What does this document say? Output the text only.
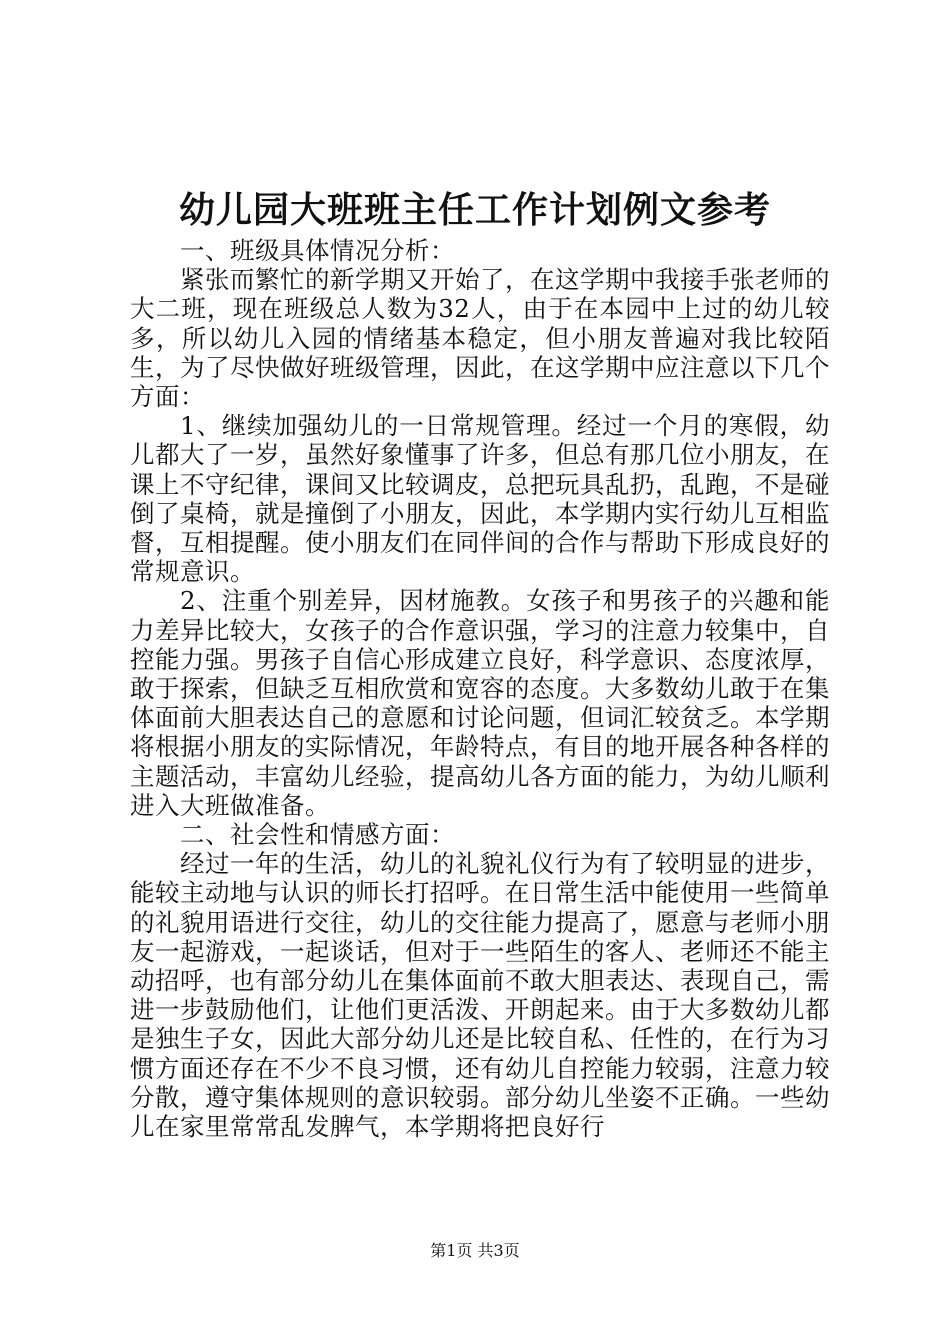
幼儿园大班班主任工作计划例文参考

一、班级具体情况分析：

紧张而繁忙的新学期又开始了，在这学期中我接手张老师的大二班，现在班级总人数为32人，由于在本园中上过的幼儿较多，所以幼儿入园的情绪基本稳定，但小朋友普遍对我比较陌生，为了尽快做好班级管理，因此，在这学期中应注意以下几个方面：

1、继续加强幼儿的一日常规管理。经过一个月的寒假，幼儿都大了一岁，虽然好象懂事了许多，但总有那几位小朋友，在课上不守纪律，课间又比较调皮，总把玩具乱扔，乱跑，不是碰倒了桌椅，就是撞倒了小朋友，因此，本学期内实行幼儿互相监督，互相提醒。使小朋友们在同伴间的合作与帮助下形成良好的常规意识。

2、注重个别差异，因材施教。女孩子和男孩子的兴趣和能力差异比较大，女孩子的合作意识强，学习的注意力较集中，自控能力强。男孩子自信心形成建立良好，科学意识、态度浓厚，敢于探索，但缺乏互相欣赏和宽容的态度。大多数幼儿敢于在集体面前大胆表达自己的意愿和讨论问题，但词汇较贫乏。本学期将根据小朋友的实际情况，年龄特点，有目的地开展各种各样的主题活动，丰富幼儿经验，提高幼儿各方面的能力，为幼儿顺利进入大班做准备。

二、社会性和情感方面：

经过一年的生活，幼儿的礼貌礼仪行为有了较明显的进步，能较主动地与认识的师长打招呼。在日常生活中能使用一些简单的礼貌用语进行交往，幼儿的交往能力提高了，愿意与老师小朋友一起游戏，一起谈话，但对于一些陌生的客人、老师还不能主动招呼，也有部分幼儿在集体面前不敢大胆表达、表现自己，需进一步鼓励他们，让他们更活泼、开朗起来。由于大多数幼儿都是独生子女，因此大部分幼儿还是比较自私、任性的，在行为习惯方面还存在不少不良习惯，还有幼儿自控能力较弱，注意力较分散，遵守集体规则的意识较弱。部分幼儿坐姿不正确。一些幼儿在家里常常乱发脾气，本学期将把良好行

第1页 共3页
